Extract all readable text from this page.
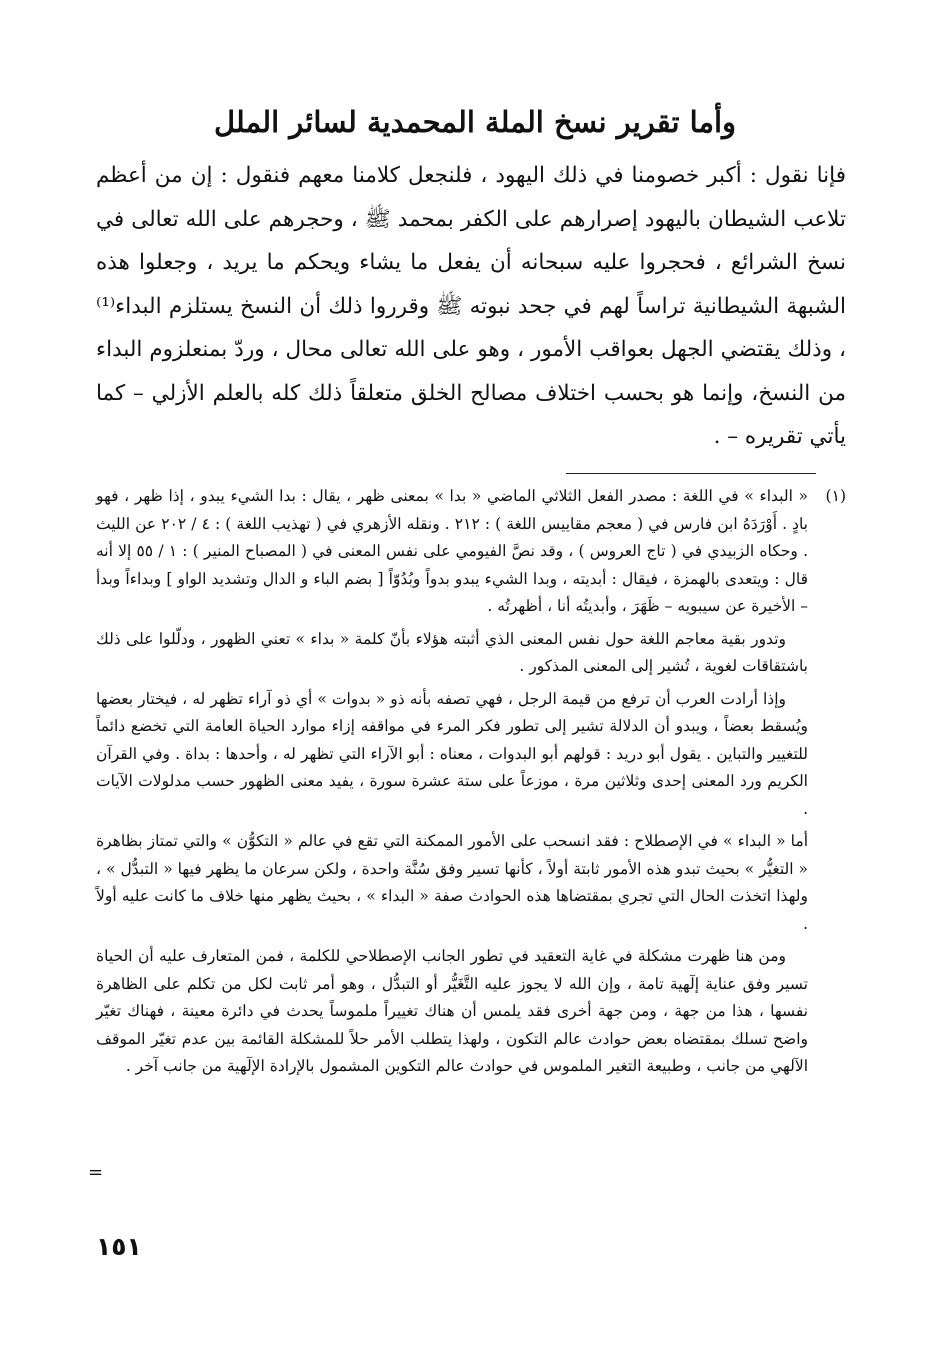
وأما تقرير نسخ الملة المحمدية لسائر الملل

فإنا نقول : أكبر خصومنا في ذلك اليهود ، فلنجعل كلامنا معهم فنقول : إن من أعظم تلاعب الشيطان باليهود إصرارهم على الكفر بمحمد ﷺ ، وحجرهم على الله تعالى في نسخ الشرائع ، فحجروا عليه سبحانه أن يفعل ما يشاء ويحكم ما يريد ، وجعلوا هذه الشبهة الشيطانية تراساً لهم في جحد نبوته ﷺ وقرروا ذلك أن النسخ يستلزم البداء⁽¹⁾ ، وذلك يقتضي الجهل بعواقب الأمور ، وهو على الله تعالى محال ، وردّ بمنعلزوم البداء من النسخ، وإنما هو بحسب اختلاف مصالح الخلق متعلقاً ذلك كله بالعلم الأزلي – كما يأتي تقريره – .

(١)

« البداء » في اللغة : مصدر الفعل الثلاثي الماضي « بدا » بمعنى ظهر ، يقال : بدا الشيء يبدو ، إذا ظهر ، فهو بادٍ . أَوْرَدَهُ ابن فارس في ( معجم مقاييس اللغة ) : ٢١٢ . ونقله الأزهري في ( تهذيب اللغة ) : ٤ / ٢٠٢ عن الليث . وحكاه الزبيدي في ( تاج العروس ) ، وقد نصَّ الفيومي على نفس المعنى في ( المصباح المنير ) : ١ / ٥٥ إلا أنه قال : ويتعدى بالهمزة ، فيقال : أبديته ، وبدا الشيء يبدو بدواً وبُدُوّاً [ بضم الباء و الدال وتشديد الواو ] وبداءاً وبدأ – الأخيرة عن سيبويه – ظَهَرَ ، وأبديتُه أنا ، أظهرتُه .

وتدور بقية معاجم اللغة حول نفس المعنى الذي أثبته هؤلاء بأنّ كلمة « بداء » تعني الظهور ، ودلّلوا على ذلك باشتقاقات لغوية ، تُشير إلى المعنى المذكور .

وإذا أرادت العرب أن ترفع من قيمة الرجل ، فهي تصفه بأنه ذو « بدوات » أي ذو آراء تظهر له ، فيختار بعضها ويُسقط بعضاً ، ويبدو أن الدلالة تشير إلى تطور فكر المرء في مواقفه إزاء موارد الحياة العامة التي تخضع دائماً للتغيير والتباين . يقول أبو دريد : قولهم أبو البدوات ، معناه : أبو الآراء التي تظهر له ، وأحدها : بداة . وفي القرآن الكريم ورد المعنى إحدى وثلاثين مرة ، موزعاً على ستة عشرة سورة ، يفيد معنى الظهور حسب مدلولات الآيات .

أما « البداء » في الإصطلاح : فقد انسحب على الأمور الممكنة التي تقع في عالم « التكوُّن » والتي تمتاز بظاهرة « التغيُّر » بحيث تبدو هذه الأمور ثابتة أولاً ، كأنها تسير وفق سُنَّة واحدة ، ولكن سرعان ما يظهر فيها « التبدُّل » ، ولهذا اتخذت الحال التي تجري بمقتضاها هذه الحوادث صفة « البداء » ، بحيث يظهر منها خلاف ما كانت عليه أولاً .

ومن هنا ظهرت مشكلة في غاية التعقيد في تطور الجانب الإصطلاحي للكلمة ، فمن المتعارف عليه أن الحياة تسير وفق عناية إلٓهية تامة ، وإن الله لا يجوز عليه التَّغَيُّر أو التبدُّل ، وهو أمر ثابت لكل من تكلم على الظاهرة نفسها ، هذا من جهة ، ومن جهة أخرى فقد يلمس أن هناك تغييراً ملموساً يحدث في دائرة معينة ، فهناك تغيّر واضح تسلك بمقتضاه بعض حوادث عالم التكون ، ولهذا يتطلب الأمر حلاً للمشكلة القائمة بين عدم تغيّر الموقف الآلهي من جانب ، وطبيعة التغير الملموس في حوادث عالم التكوين المشمول بالإرادة الإلٓهية من جانب آخر .

=
١٥١
